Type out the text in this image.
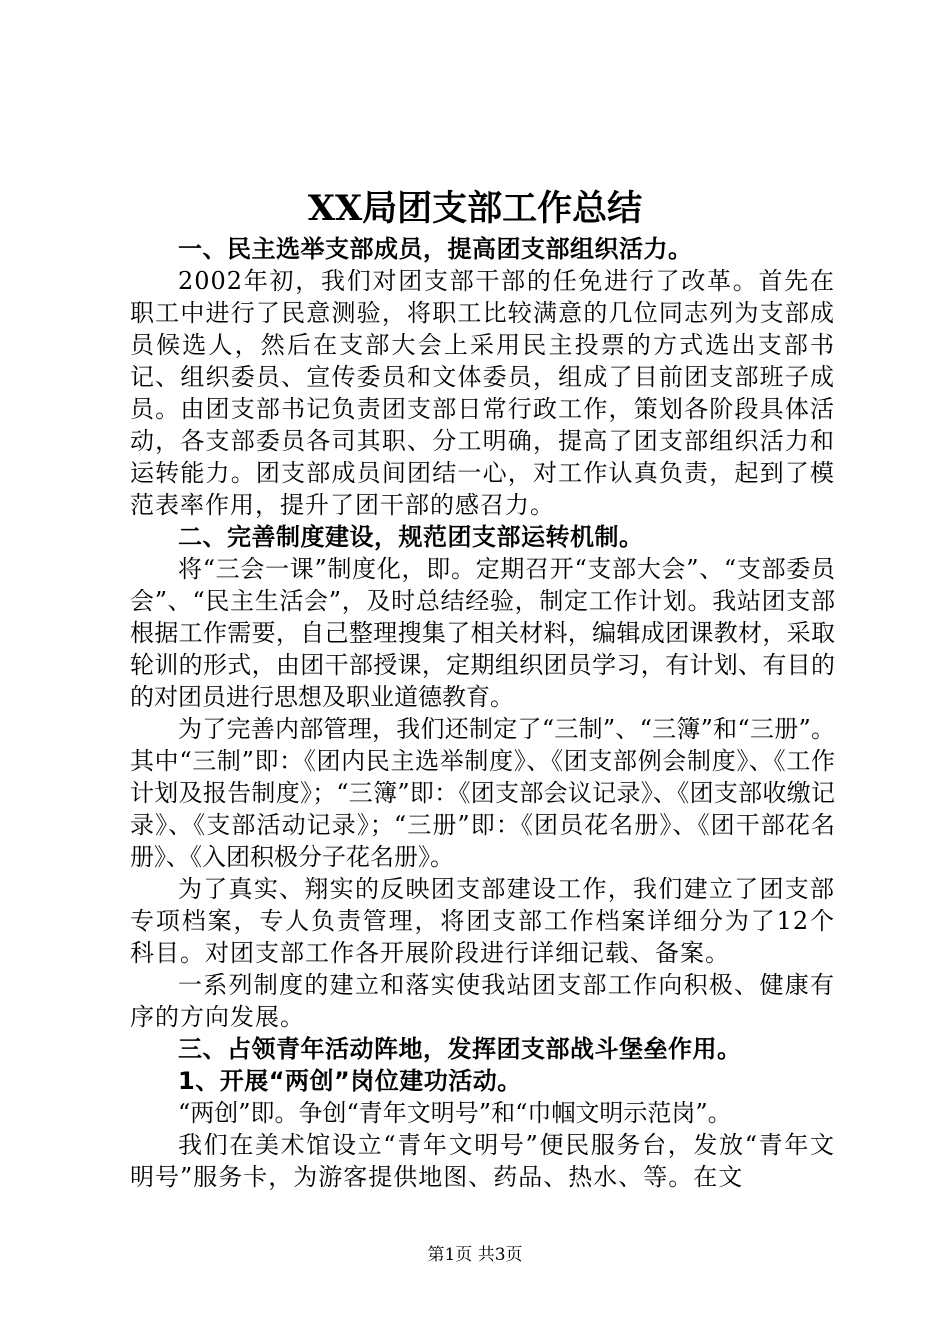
XX局团支部工作总结

一、民主选举支部成员，提高团支部组织活力。

2002年初，我们对团支部干部的任免进行了改革。首先在职工中进行了民意测验，将职工比较满意的几位同志列为支部成员候选人，然后在支部大会上采用民主投票的方式选出支部书记、组织委员、宣传委员和文体委员，组成了目前团支部班子成员。由团支部书记负责团支部日常行政工作，策划各阶段具体活动，各支部委员各司其职、分工明确，提高了团支部组织活力和运转能力。团支部成员间团结一心，对工作认真负责，起到了模范表率作用，提升了团干部的感召力。

二、完善制度建设，规范团支部运转机制。

将“三会一课”制度化，即。定期召开“支部大会”、“支部委员会”、“民主生活会”，及时总结经验，制定工作计划。我站团支部根据工作需要，自己整理搜集了相关材料，编辑成团课教材，采取轮训的形式，由团干部授课，定期组织团员学习，有计划、有目的的对团员进行思想及职业道德教育。

为了完善内部管理，我们还制定了“三制”、“三簿”和“三册”。其中“三制”即：《团内民主选举制度》、《团支部例会制度》、《工作计划及报告制度》；“三簿”即：《团支部会议记录》、《团支部收缴记录》、《支部活动记录》；“三册”即：《团员花名册》、《团干部花名册》、《入团积极分子花名册》。

为了真实、翔实的反映团支部建设工作，我们建立了团支部专项档案，专人负责管理，将团支部工作档案详细分为了12个科目。对团支部工作各开展阶段进行详细记载、备案。

一系列制度的建立和落实使我站团支部工作向积极、健康有序的方向发展。

三、占领青年活动阵地，发挥团支部战斗堡垒作用。

1、开展“两创”岗位建功活动。

“两创”即。争创“青年文明号”和“巾帼文明示范岗”。

我们在美术馆设立“青年文明号”便民服务台，发放“青年文明号”服务卡，为游客提供地图、药品、热水、等。在文

第1页 共3页
